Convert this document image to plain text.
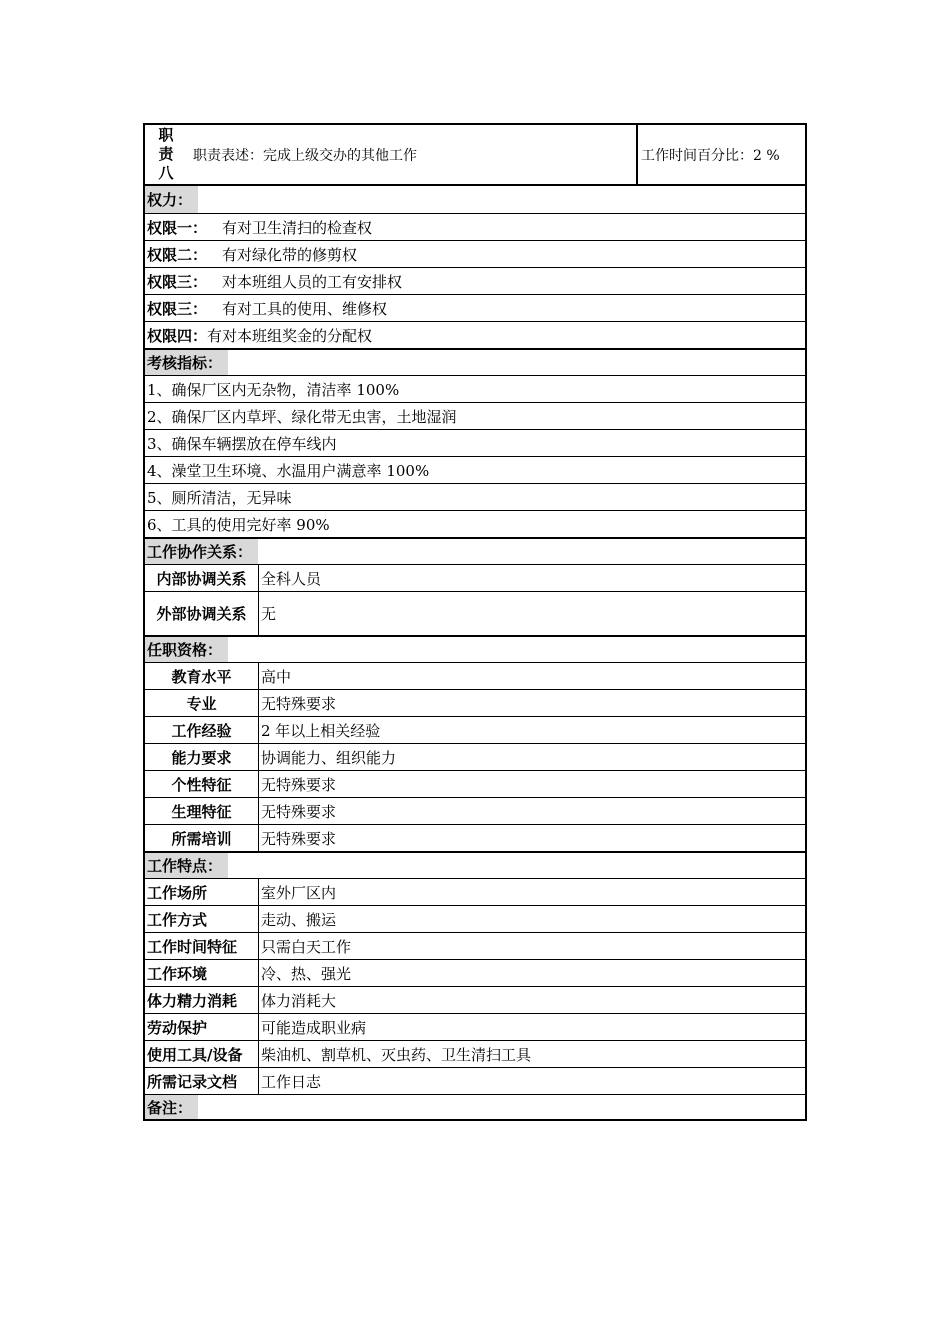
职
责
八
职责表述：完成上级交办的其他工作	工作时间百分比：2 %
权力：
权限一： 有对卫生清扫的检查权
权限二： 有对绿化带的修剪权
权限三： 对本班组人员的工有安排权
权限三： 有对工具的使用、维修权
权限四： 有对本班组奖金的分配权
考核指标：
1、确保厂区内无杂物，清洁率 100%
2、确保厂区内草坪、绿化带无虫害，土地湿润
3、确保车辆摆放在停车线内
4、澡堂卫生环境、水温用户满意率 100%
5、厕所清洁，无异味
6、工具的使用完好率 90%
工作协作关系：
内部协调关系 全科人员
外部协调关系 无
任职资格：
教育水平	高中
专业	无特殊要求
工作经验	2 年以上相关经验
能力要求	协调能力、组织能力
个性特征	无特殊要求
生理特征	无特殊要求
所需培训	无特殊要求
工作特点：
工作场所	室外厂区内
工作方式	走动、搬运
工作时间特征	只需白天工作
工作环境	冷、热、强光
体力精力消耗	体力消耗大
劳动保护	可能造成职业病
使用工具/设备	柴油机、割草机、灭虫药、卫生清扫工具
所需记录文档	工作日志
备注：
